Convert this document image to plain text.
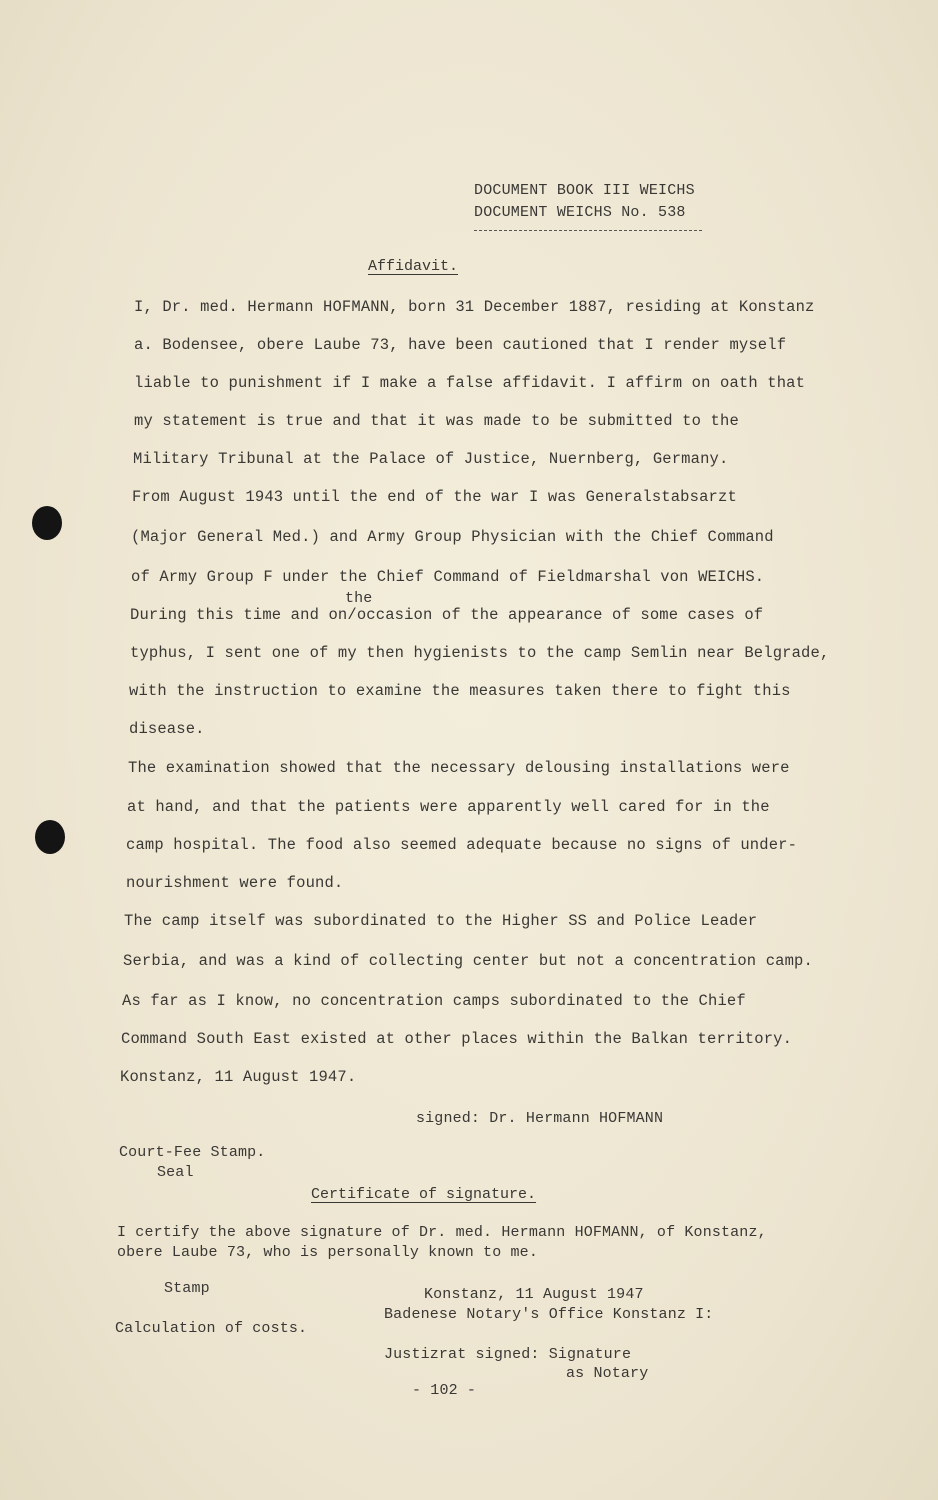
DOCUMENT BOOK III WEICHS
DOCUMENT WEICHS No. 538
Affidavit.
I, Dr. med. Hermann HOFMANN, born 31 December 1887, residing at Konstanz
a. Bodensee, obere Laube 73, have been cautioned that I render myself
liable to punishment if I make a false affidavit. I affirm on oath that
my statement is true and that it was made to be submitted to the
Military Tribunal at the Palace of Justice, Nuernberg, Germany.
From August 1943 until the end of the war I was Generalstabsarzt
(Major General Med.) and Army Group Physician with the Chief Command
of Army Group F under the Chief Command of Fieldmarshal von WEICHS.
the
During this time and on/occasion of the appearance of some cases of
typhus, I sent one of my then hygienists to the camp Semlin near Belgrade,
with the instruction to examine the measures taken there to fight this
disease.
The examination showed that the necessary delousing installations were
at hand, and that the patients were apparently well cared for in the
camp hospital. The food also seemed adequate because no signs of under-
nourishment were found.
The camp itself was subordinated to the Higher SS and Police Leader
Serbia, and was a kind of collecting center but not a concentration camp.
As far as I know, no concentration camps subordinated to the Chief
Command South East existed at other places within the Balkan territory.
Konstanz, 11 August 1947.
signed: Dr. Hermann HOFMANN
Court-Fee Stamp.
Seal
Certificate of signature.
I certify the above signature of Dr. med. Hermann HOFMANN, of Konstanz,
obere Laube 73, who is personally known to me.
Stamp	Konstanz, 11 August 1947
Badenese Notary's Office Konstanz I:
Calculation of costs.
Justizrat signed: Signature
as Notary
- 102 -
